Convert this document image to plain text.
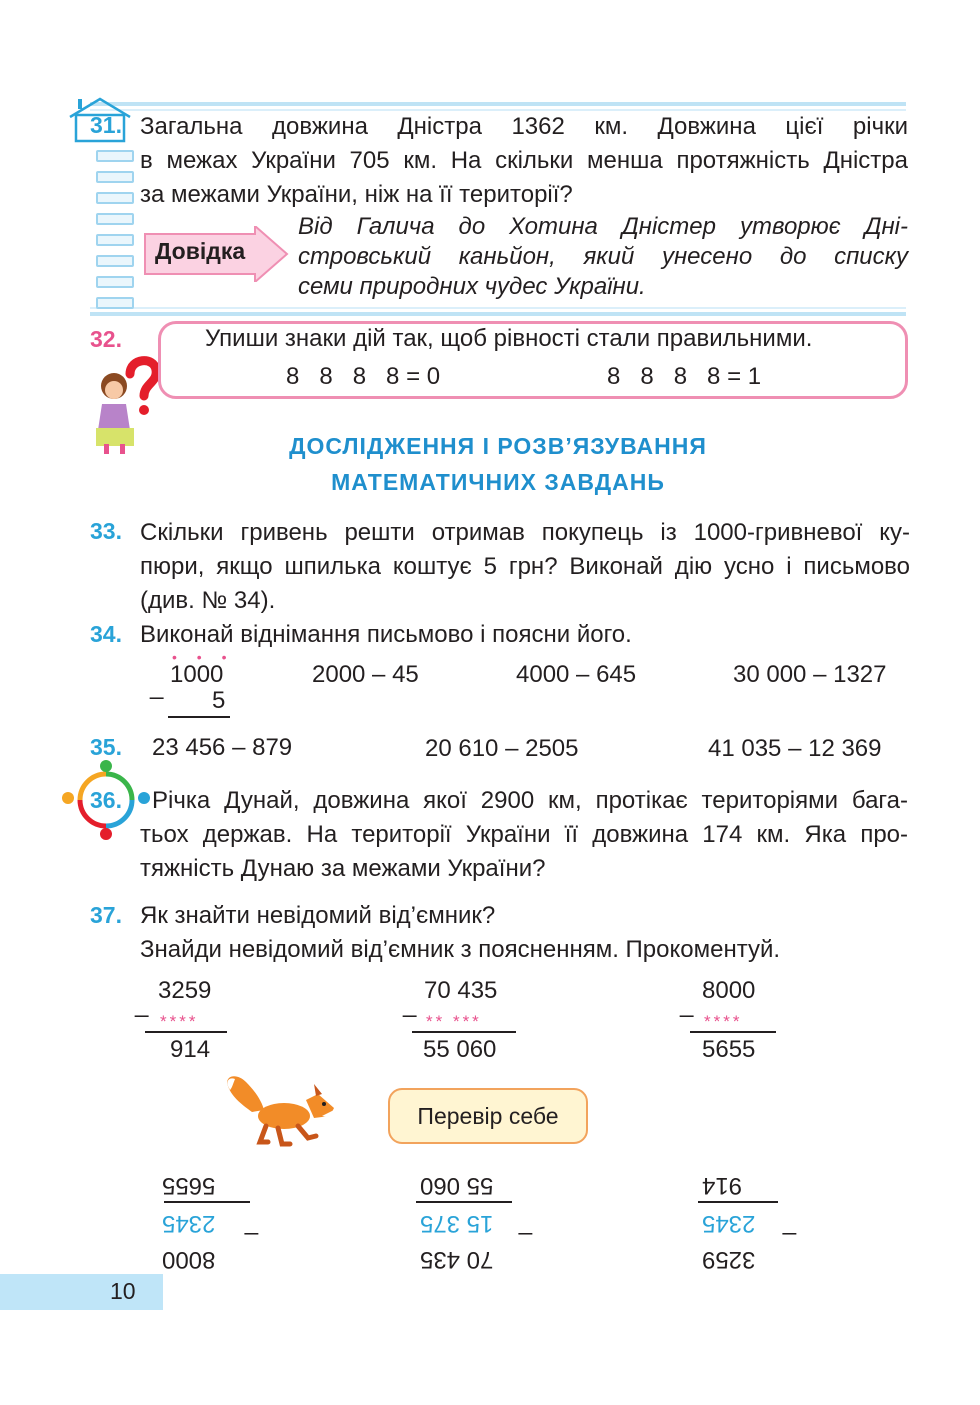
31. Загальна довжина Дністра 1362 км. Довжина цієї річки
в межах України 705 км. На скільки менша протяжність Дністра
за межами України, ніж на її території?
Довідка
Від Галича до Хотина Дністер утворює Дні-
стровський каньйон, який унесено до списку
семи природних чудес України.
32.	Упиши знаки дій так, щоб рівності стали правильними.
8   8   8   8 = 0	8   8   8   8 = 1
ДОСЛІДЖЕННЯ І РОЗВ’ЯЗУВАННЯ
МАТЕМАТИЧНИХ ЗАВДАНЬ
33. Скільки гривень решти отримав покупець із 1000-гривневої ку-
пюри, якщо шпилька коштує 5 грн? Виконай дію усно і письмово
(див. № 34).
34. Виконай віднімання письмово і поясни його.
• • •
_ 1000
5
2000 – 45	4000 – 645	30 000 – 1327
35. 23 456 – 879	20 610 – 2505	41 035 – 12 369
36. Річка Дунай, довжина якої 2900 км, протікає територіями бага-
тьох держав. На території України її довжина 174 км. Яка про-
тяжність Дунаю за межами України?
37. Як знайти невідомий від’ємник?
Знайди невідомий від’ємник з поясненням. Прокоментуй.
_
3259
****
914
_
70 435
** ***
55 060
_
8000
****
5655
Перевір себе
8000
_
2345
5655
70 435
_
15 375
55 060
3259
_
2345
914
10
